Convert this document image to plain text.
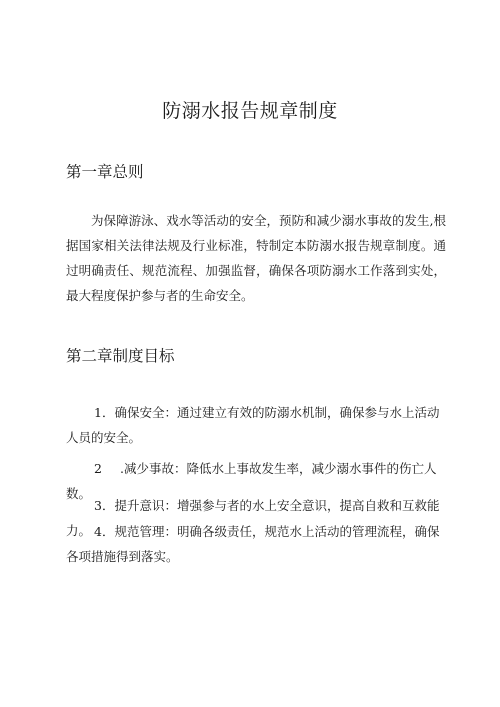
防溺水报告规章制度
第一章总则

为保障游泳、戏水等活动的安全，预防和减少溺水事故的发生,根据国家相关法律法规及行业标准，特制定本防溺水报告规章制度。通过明确责任、规范流程、加强监督，确保各项防溺水工作落到实处，最大程度保护参与者的生命安全。

第二章制度目标

1．确保安全：通过建立有效的防溺水机制，确保参与水上活动人员的安全。

2 .减少事故：降低水上事故发生率，减少溺水事件的伤亡人数。

3．提升意识：增强参与者的水上安全意识，提高自救和互救能力。 4．规范管理：明确各级责任，规范水上活动的管理流程，确保各项措施得到落实。
